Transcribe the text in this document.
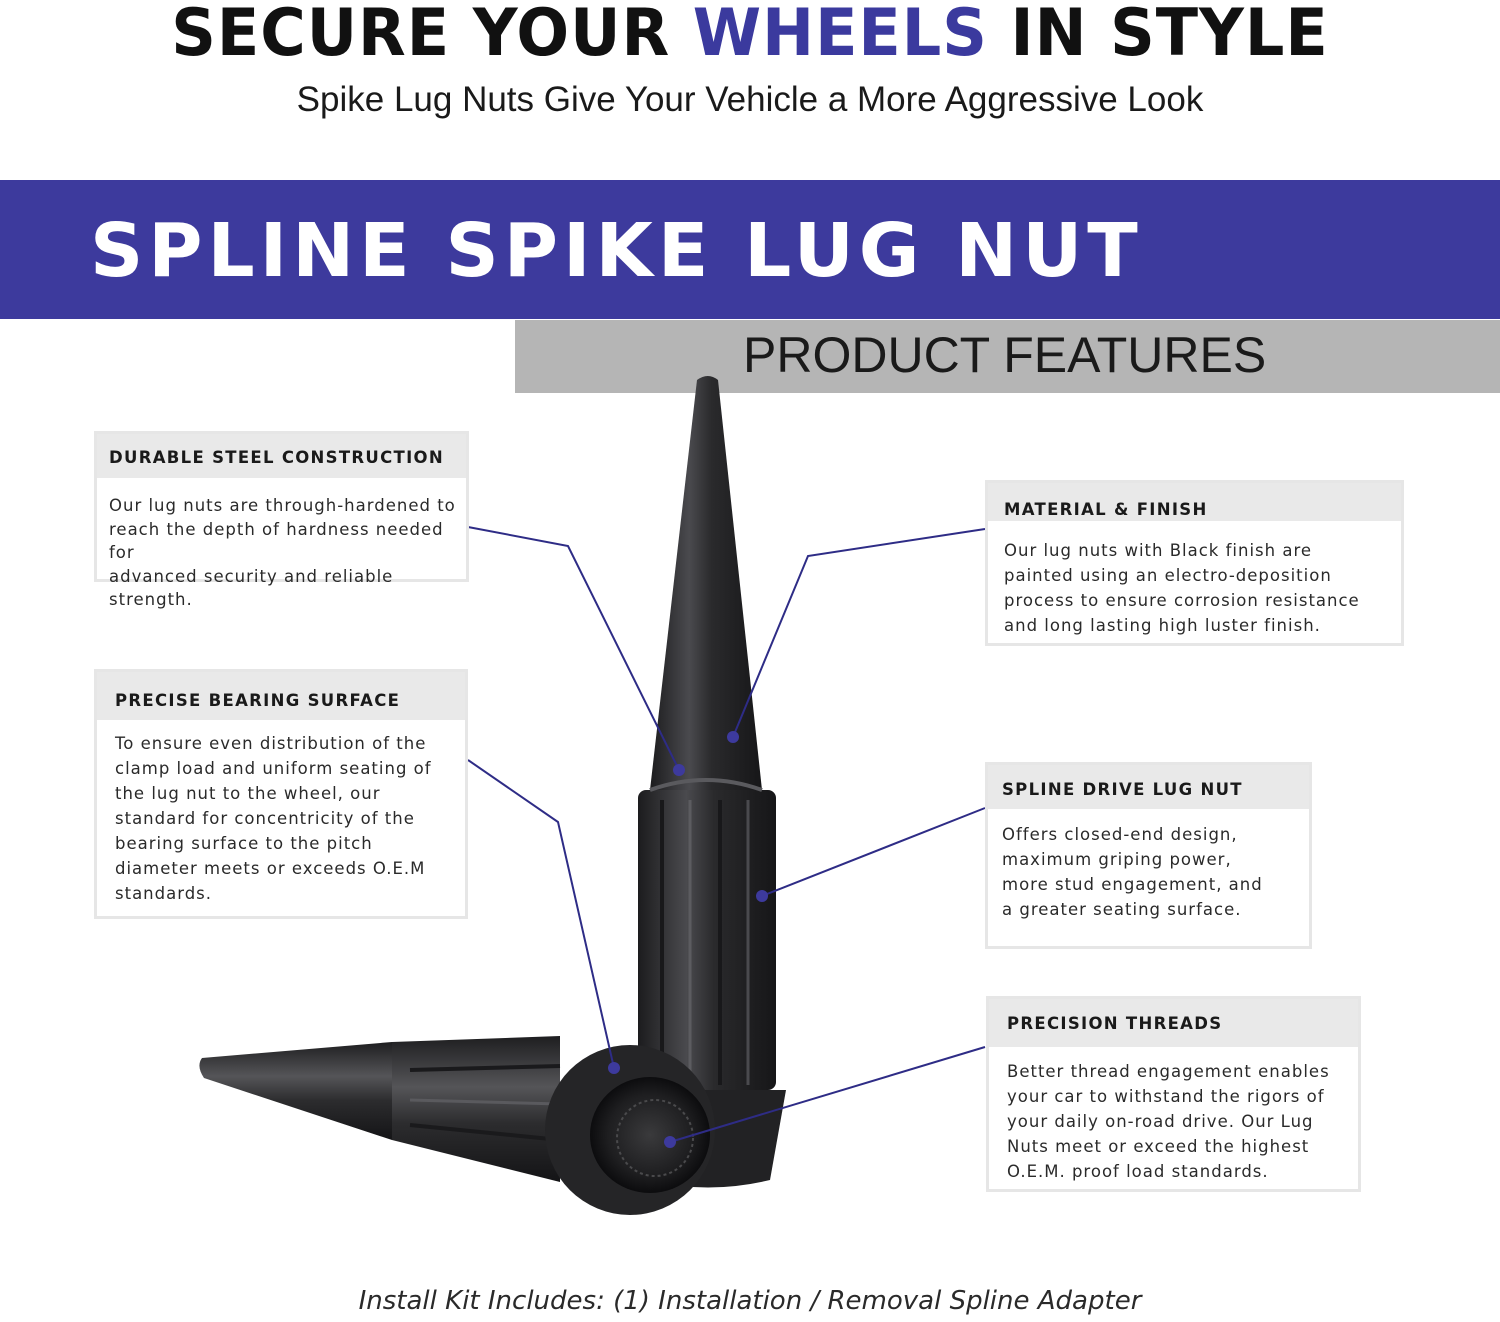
SECURE YOUR WHEELS IN STYLE
Spike Lug Nuts Give Your Vehicle a More Aggressive Look
SPLINE SPIKE LUG NUT
PRODUCT FEATURES
DURABLE STEEL CONSTRUCTION
Our lug nuts are through-hardened to
reach the depth of hardness needed for
advanced security and reliable strength.
PRECISE BEARING SURFACE
To ensure even distribution of the
clamp load and uniform seating of
the lug nut to the wheel, our
standard for concentricity of the
bearing surface to the pitch
diameter meets or exceeds O.E.M
standards.
MATERIAL & FINISH
Our lug nuts with Black finish are
painted using an electro-deposition
process to ensure corrosion resistance
and long lasting high luster finish.
SPLINE DRIVE LUG NUT
Offers closed-end design,
maximum griping power,
more stud engagement, and
a greater seating surface.
PRECISION THREADS
Better thread engagement enables
your car to withstand the rigors of
your daily on-road drive. Our Lug
Nuts meet or exceed the highest
O.E.M. proof load standards.
Install Kit Includes: (1) Installation / Removal Spline Adapter
